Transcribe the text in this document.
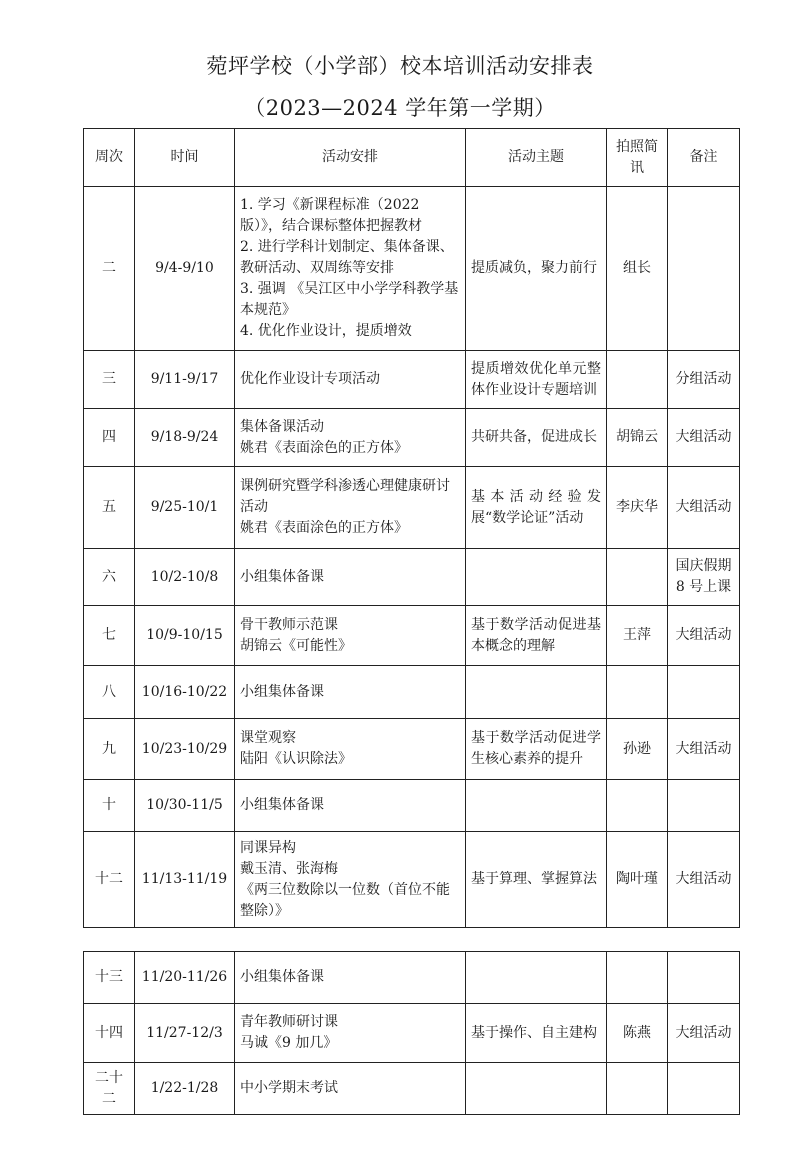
菀坪学校（小学部）校本培训活动安排表
（2023—2024 学年第一学期）
周次	时间	活动安排	活动主题	拍照简讯	备注
二	9/4-9/10	1. 学习《新课程标准（2022 版）》，结合课标整体把握教材
2. 进行学科计划制定、集体备课、教研活动、双周练等安排
3. 强调 《吴江区中小学学科教学基本规范》
4. 优化作业设计，提质增效	提质减负，聚力前行	组长	
三	9/11-9/17	优化作业设计专项活动	提质增效优化单元整体作业设计专题培训		分组活动
四	9/18-9/24	集体备课活动
姚君《表面涂色的正方体》	共研共备，促进成长	胡锦云	大组活动
五	9/25-10/1	课例研究暨学科渗透心理健康研讨活动
姚君《表面涂色的正方体》	基本活动经验发展“数学论证”活动	李庆华	大组活动
六	10/2-10/8	小组集体备课			国庆假期 8 号上课
七	10/9-10/15	骨干教师示范课
胡锦云《可能性》	基于数学活动促进基本概念的理解	王萍	大组活动
八	10/16-10/22	小组集体备课			
九	10/23-10/29	课堂观察
陆阳《认识除法》	基于数学活动促进学生核心素养的提升	孙逊	大组活动
十	10/30-11/5	小组集体备课			
十二	11/13-11/19	同课异构
戴玉清、张海梅
《两三位数除以一位数（首位不能整除）》	基于算理、掌握算法	陶叶瑾	大组活动
十三	11/20-11/26	小组集体备课			
十四	11/27-12/3	青年教师研讨课
马诚《9 加几》	基于操作、自主建构	陈燕	大组活动
二十二	1/22-1/28	中小学期末考试			
